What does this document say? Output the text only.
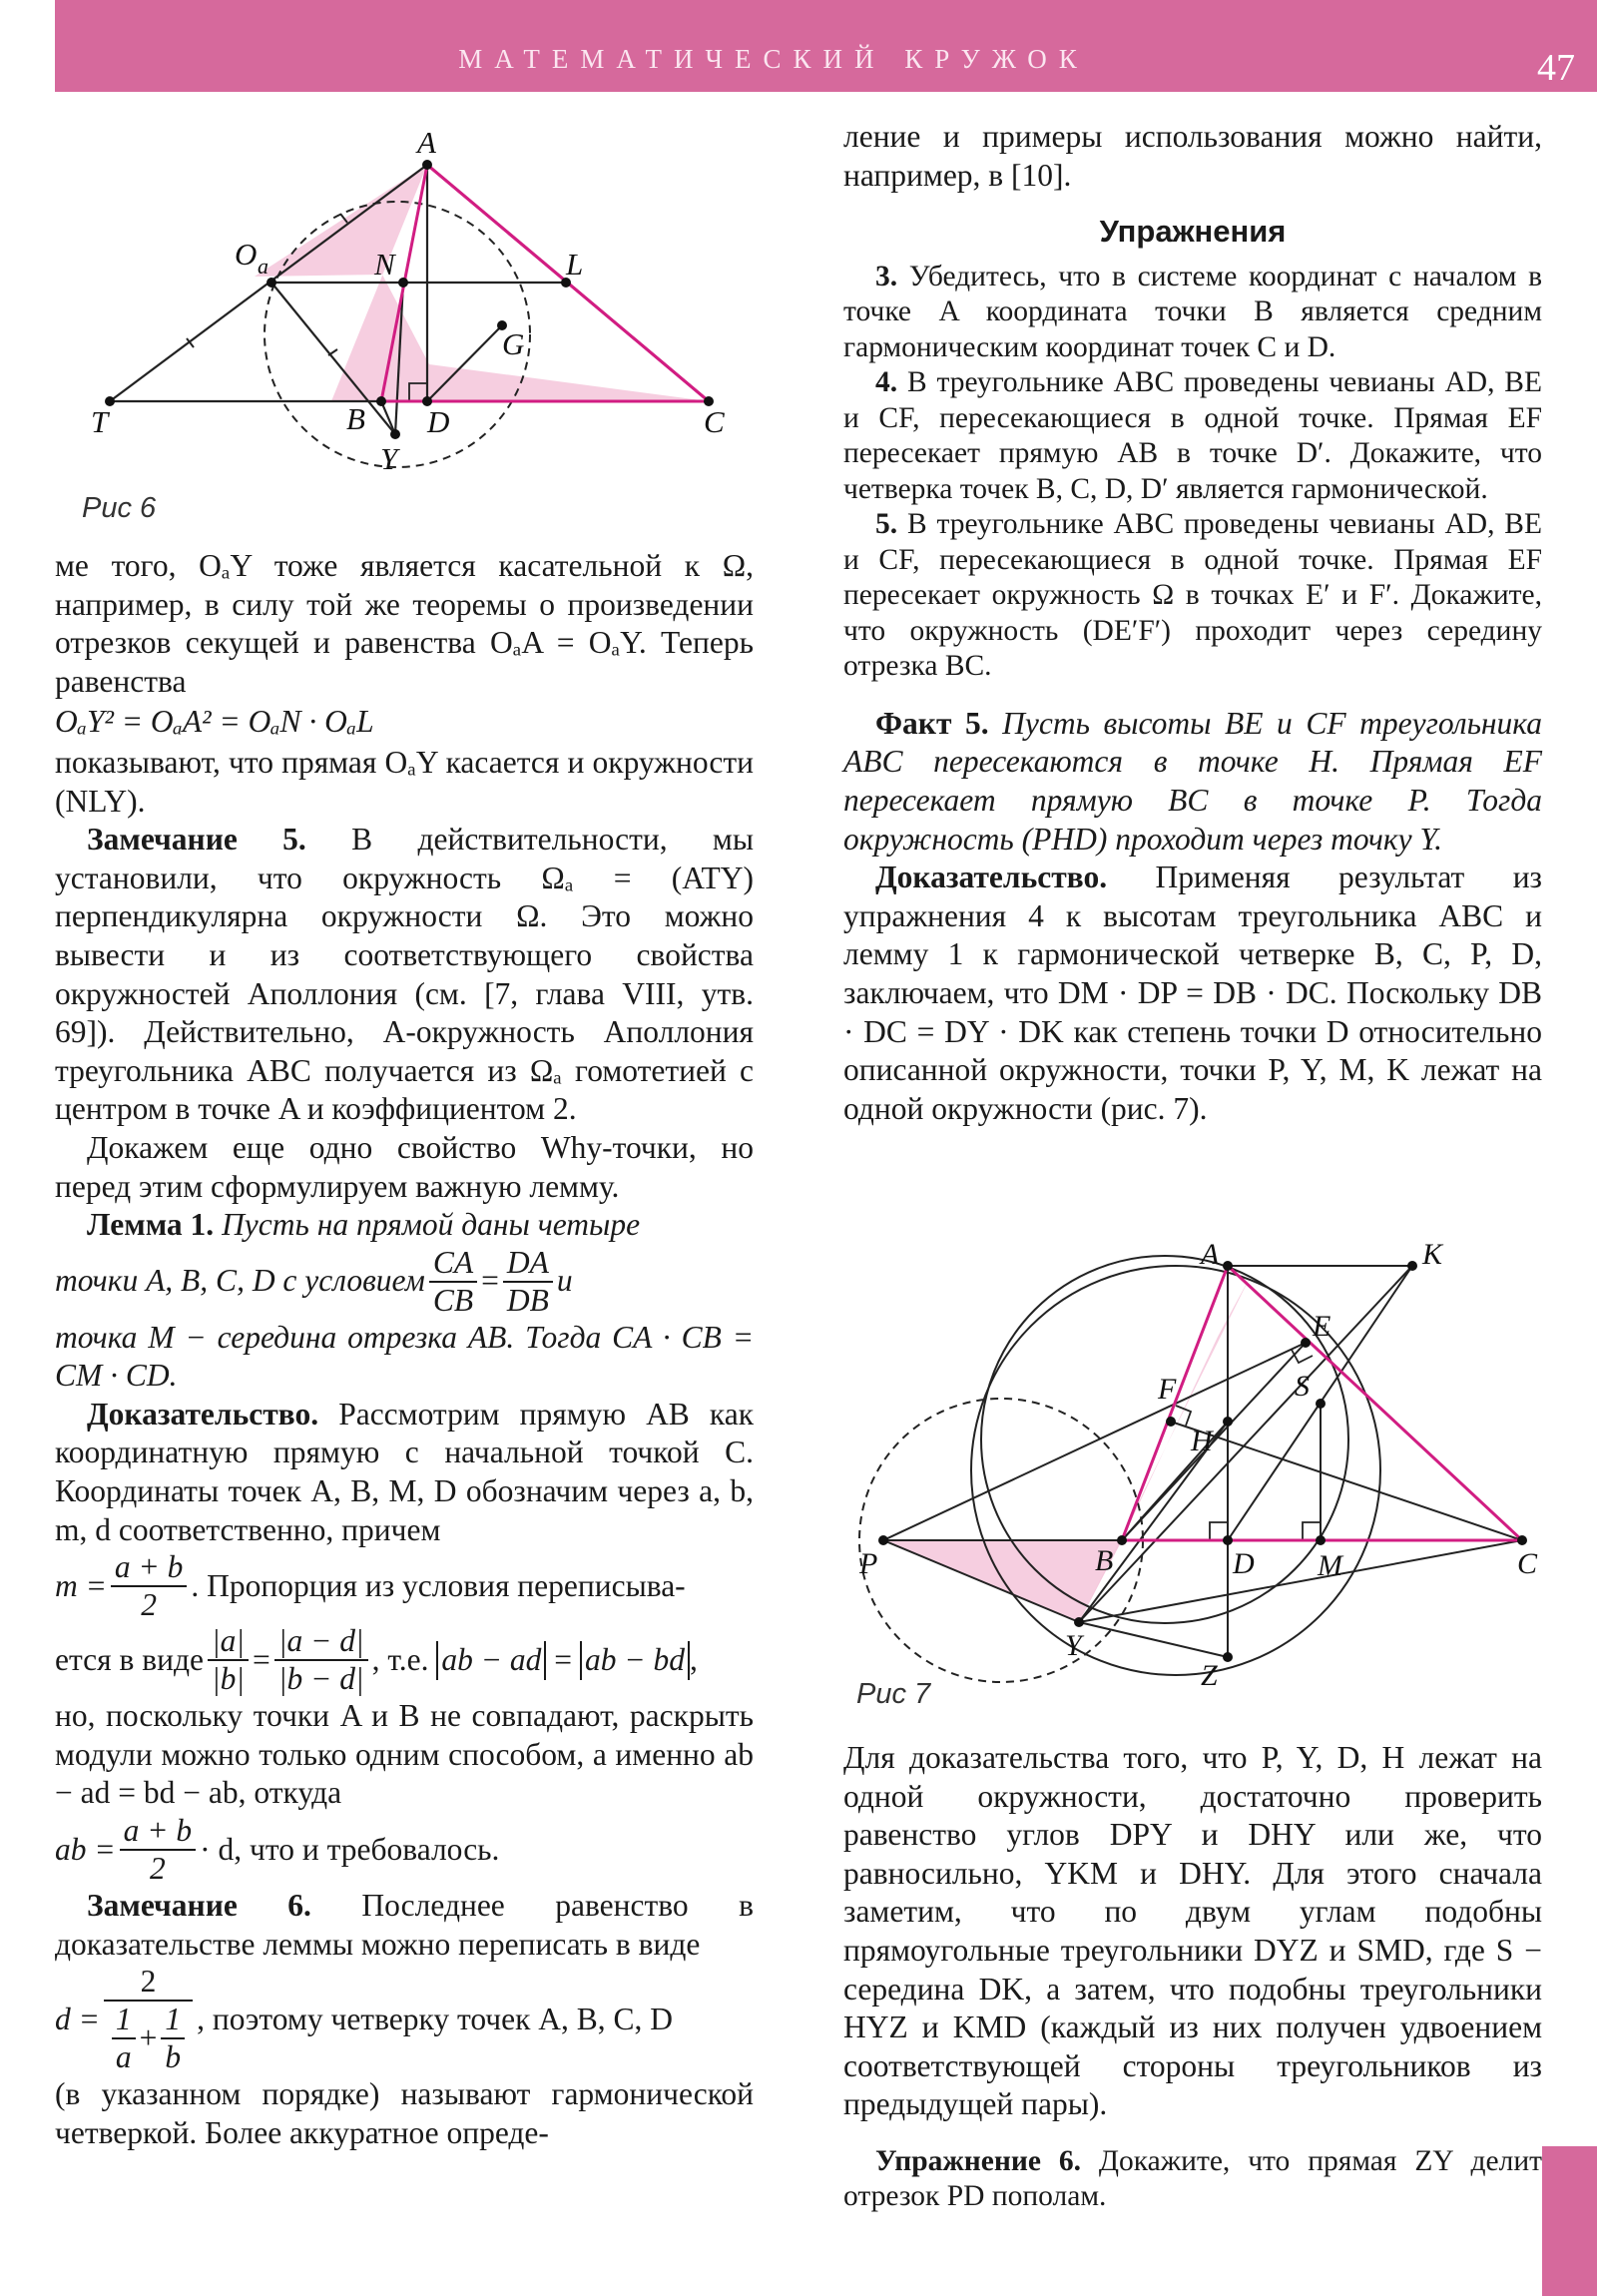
МАТЕМАТИЧЕСКИЙ КРУЖОК	47
A
O a	N	L
G
T	B D	C
Y
Рис 6

ме того, OₐY тоже является касательной к Ω, например, в силу той же теоремы о произведении отрезков секущей и равенства OₐA = OₐY. Теперь равенства

OₐY² = OₐA² = OₐN · OₐL

показывают, что прямая OₐY касается и окружности (NLY).

Замечание 5. В действительности, мы установили, что окружность Ωₐ = (ATY) перпендикулярна окружности Ω. Это можно вывести и из соответствующего свойства окружностей Аполлония (см. [7, глава VIII, утв. 69]). Действительно, A-окружность Аполлония треугольника ABC получается из Ωₐ гомотетией с центром в точке A и коэффициентом 2.

Докажем еще одно свойство Why-точки, но перед этим сформулируем важную лемму.

Лемма 1. Пусть на прямой даны четыре

точки A, B, C, D с условием $\frac{CA}{CB} = \frac{DA}{DB}$ и

точка M − середина отрезка AB. Тогда CA · CB = CM · CD.

Доказательство. Рассмотрим прямую AB как координатную прямую с начальной точкой C. Координаты точек A, B, M, D обозначим через a, b, m, d соответственно, причем

$m = \frac{a + b}{2}$ . Пропорция из условия переписыва-
ется в виде $\frac{|a|}{|b|} = \frac{|a - d|}{|b - d|}$ , т.е.
ab − ad
=
ab − bd ,

но, поскольку точки A и B не совпадают, раскрыть модули можно только одним способом, а именно ab − ad = bd − ab, откуда

ab = $\frac{a + b}{2} \cdot d$, что и требовалось.

Замечание 6. Последнее равенство в доказательстве леммы можно переписать в виде

$d = \frac{2}{\frac{1}{a} + \frac{1}{b}}$ , поэтому четверку точек A, B, C, D

(в указанном порядке) называют гармонической четверкой. Более аккуратное опреде-

ление и примеры использования можно найти, например, в [10].

Упражнения

3. Убедитесь, что в системе координат с началом в точке A координата точки B является средним гармоническим координат точек C и D.

4. В треугольнике ABC проведены чевианы AD, BE и CF, пересекающиеся в одной точке. Прямая EF пересекает прямую AB в точке D′. Докажите, что четверка точек B, C, D, D′ является гармонической.

5. В треугольнике ABC проведены чевианы AD, BE и CF, пересекающиеся в одной точке. Прямая EF пересекает окружность Ω в точках E′ и F′. Докажите, что окружность (DE′F′) проходит через середину отрезка BC.

Факт 5. Пусть высоты BE и CF треугольника ABC пересекаются в точке H. Прямая EF пересекает прямую BC в точке P. Тогда окружность (PHD) проходит через точку Y.

Доказательство. Применяя результат из упражнения 4 к высотам треугольника ABC и лемму 1 к гармонической четверке B, C, P, D, заключаем, что DM · DP = DB · DC. Поскольку DB · DC = DY · DK как степень точки D относительно описанной окружности, точки P, Y, M, K лежат на одной окружности (рис. 7).

A	K
E
F	S
H
P	B	D M	C
Y
Z
Рис 7

Для доказательства того, что P, Y, D, H лежат на одной окружности, достаточно проверить равенство углов DPY и DHY или же, что равносильно, YKM и DHY. Для этого сначала заметим, что по двум углам подобны прямоугольные треугольники DYZ и SMD, где S − середина DK, а затем, что подобны треугольники HYZ и KMD (каждый из них получен удвоением соответствующей стороны треугольников из предыдущей пары).

Упражнение 6. Докажите, что прямая ZY делит отрезок PD пополам.
